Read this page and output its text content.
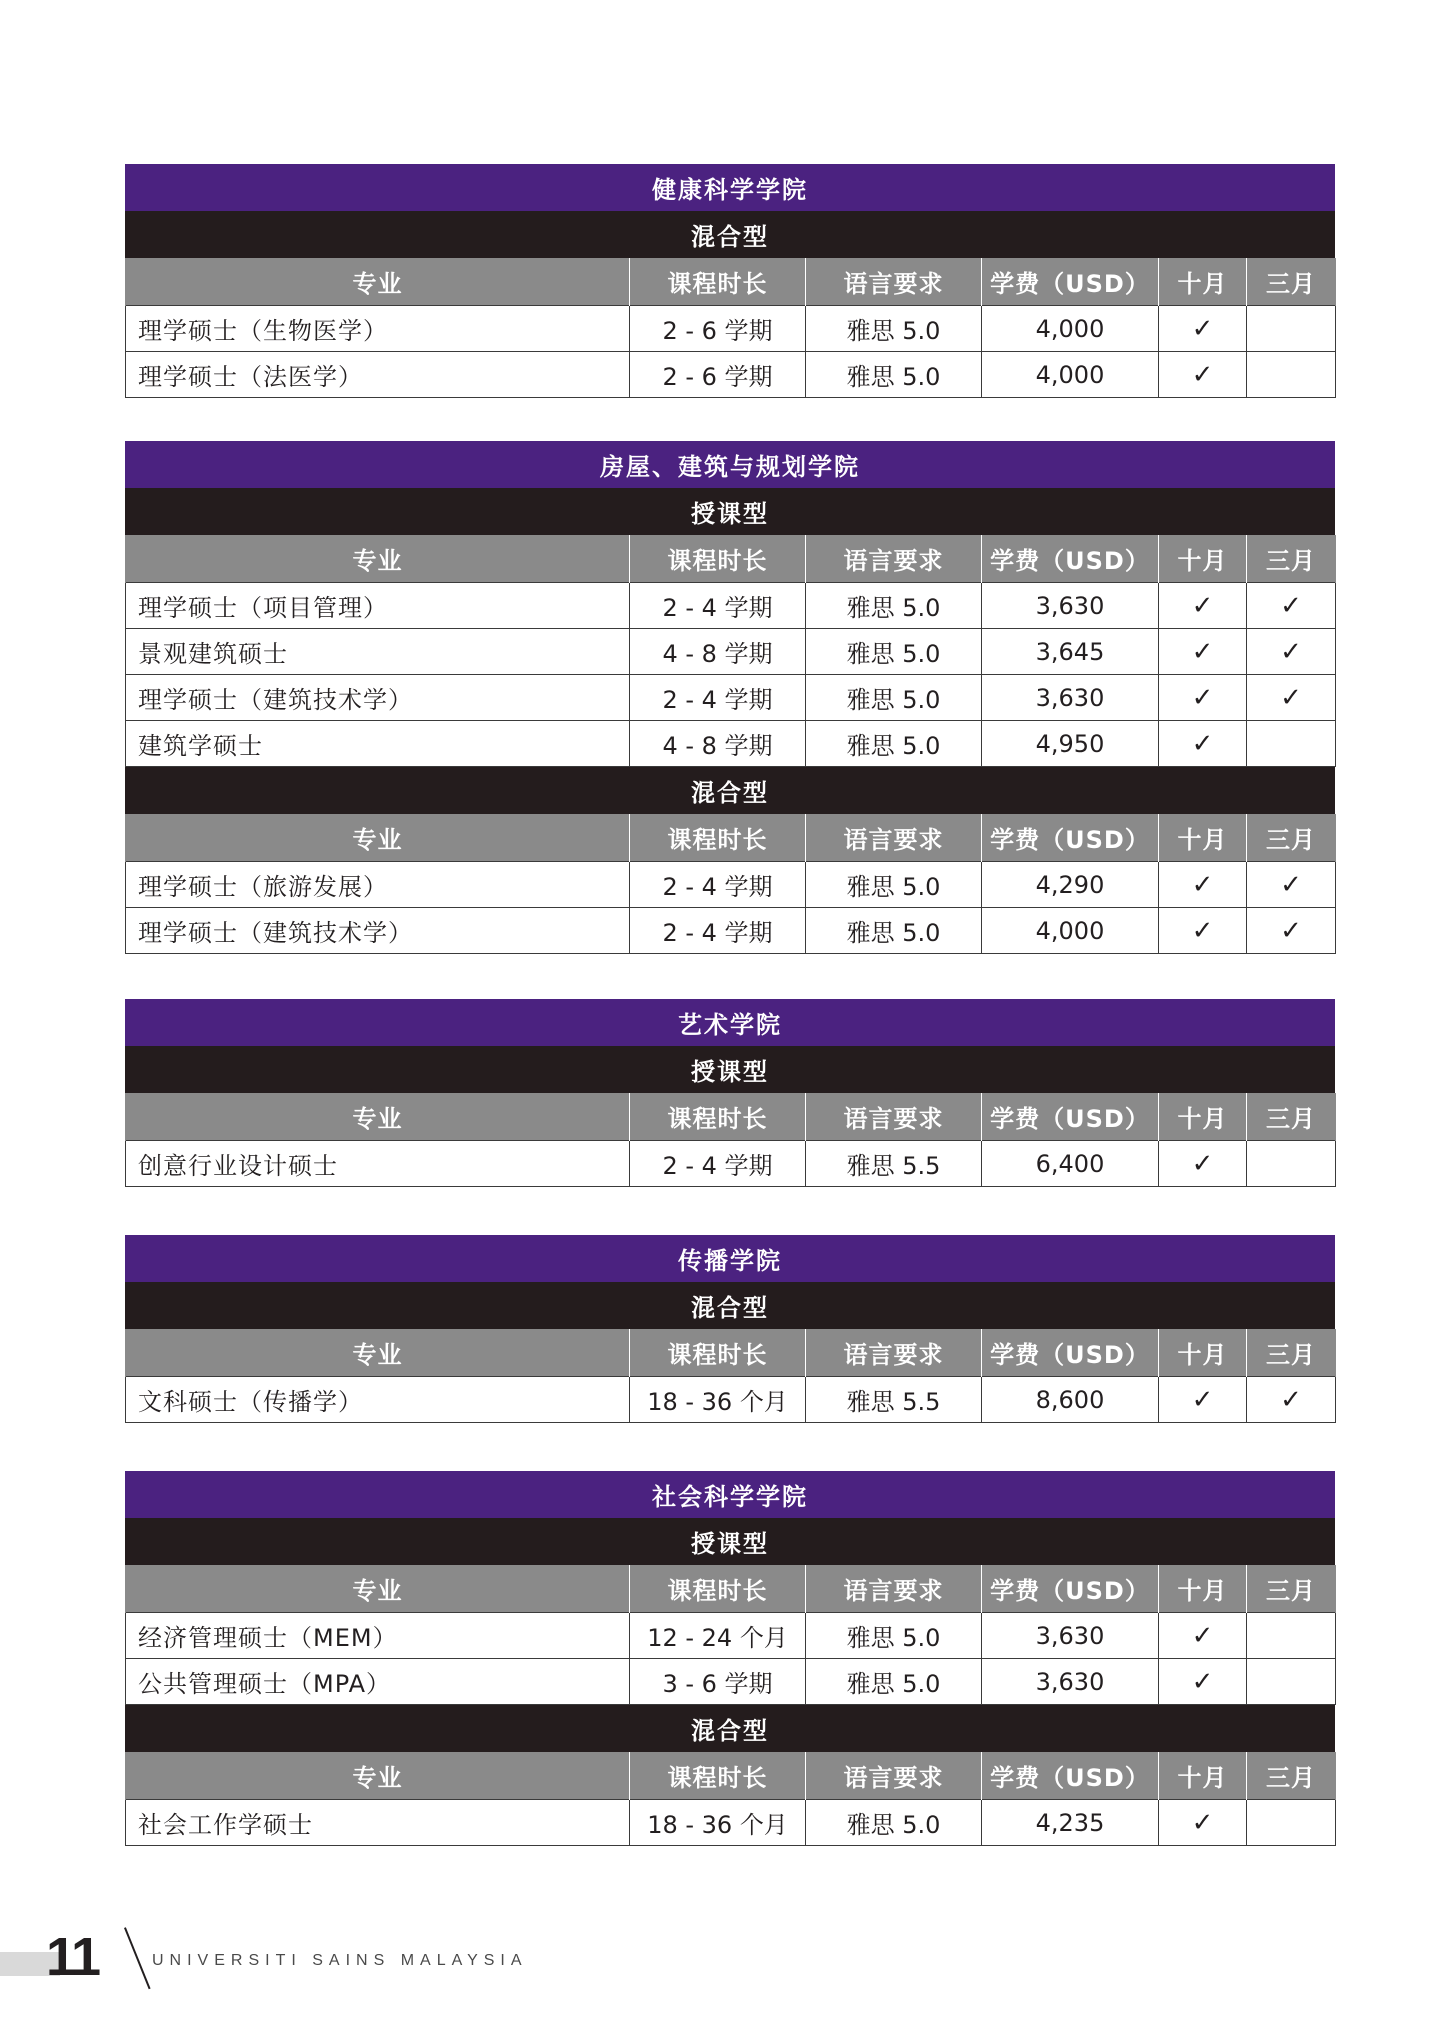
健康科学学院
混合型
专业	课程时长	语言要求	学费（USD）	十月	三月
理学硕士（生物医学）	2 - 6 学期	雅思 5.0	4,000	✓	
理学硕士（法医学）	2 - 6 学期	雅思 5.0	4,000	✓	
房屋、建筑与规划学院
授课型
专业	课程时长	语言要求	学费（USD）	十月	三月
理学硕士（项目管理）	2 - 4 学期	雅思 5.0	3,630	✓	✓
景观建筑硕士	4 - 8 学期	雅思 5.0	3,645	✓	✓
理学硕士（建筑技术学）	2 - 4 学期	雅思 5.0	3,630	✓	✓
建筑学硕士	4 - 8 学期	雅思 5.0	4,950	✓	
混合型
专业	课程时长	语言要求	学费（USD）	十月	三月
理学硕士（旅游发展）	2 - 4 学期	雅思 5.0	4,290	✓	✓
理学硕士（建筑技术学）	2 - 4 学期	雅思 5.0	4,000	✓	✓
艺术学院
授课型
专业	课程时长	语言要求	学费（USD）	十月	三月
创意行业设计硕士	2 - 4 学期	雅思 5.5	6,400	✓	
传播学院
混合型
专业	课程时长	语言要求	学费（USD）	十月	三月
文科硕士（传播学）	18 - 36 个月	雅思 5.5	8,600	✓	✓
社会科学学院
授课型
专业	课程时长	语言要求	学费（USD）	十月	三月
经济管理硕士（MEM）	12 - 24 个月	雅思 5.0	3,630	✓	
公共管理硕士（MPA）	3 - 6 学期	雅思 5.0	3,630	✓	
混合型
专业	课程时长	语言要求	学费（USD）	十月	三月
社会工作学硕士	18 - 36 个月	雅思 5.0	4,235	✓	
11	UNIVERSITI SAINS MALAYSIA
